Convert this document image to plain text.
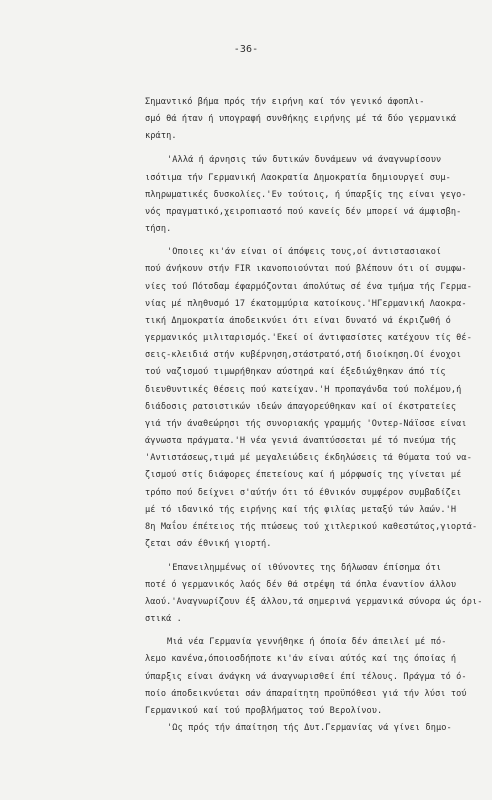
-36-
Σημαντικό βήμα πρός τήν ειρήνη καί τόν γενικό άφοπλι-
σμό θά ήταν ή υπογραφή συνθήκης ειρήνης μέ τά δύο γερμανικά
κράτη.
'Αλλά ή άρνησις τών δυτικών δυνάμεων νά άναγνωρίσουν
ισότιμα τήν Γερμανική Λαοκρατία Δημοκρατία δημιουργεί συμ-
πληρωματικές δυσκολίες.'Εν τούτοις, ή ύπαρξίς της είναι γεγο-
νός πραγματικό,χειροπιαστό πού κανείς δέν μπορεί νά άμφισβη-
τήση.
'Οποιες κι'άν είναι οί άπόψεις τους,οί άντιστασιακοί
πού άνήκουν στήν FIR ικανοποιούνται πού βλέπουν ότι οί συμφω-
νίες τού Πότσδαμ έφαρμόζονται άπολύτως σέ ένα τμήμα τής Γερμα-
νίας μέ πληθυσμό 17 έκατομμύρια κατοίκους.'ΗΓερμανική Λαοκρα-
τική Δημοκρατία άποδεικνύει ότι είναι δυνατό νά έκριζωθή ό
γερμανικός μιλιταρισμός.'Εκεί οί άντιφασίστες κατέχουν τίς θέ-
σεις-κλειδιά στήν κυβέρνηση,στάστρατό,στή διοίκηση.Οί ένοχοι
τού ναζισμού τιμωρήθηκαν αύστηρά καί έξεδιώχθηκαν άπό τίς
διευθυντικές θέσεις πού κατείχαν.'Η προπαγάνδα τού πολέμου,ή
διάδοσις ρατσιστικών ιδεών άπαγορεύθηκαν καί οί έκστρατείες
γιά τήν άναθεώρησι τής συνοριακής γραμμής 'Οντερ-Νάϊσσε είναι
άγνωστα πράγματα.'Η νέα γενιά άναπτύσσεται μέ τό πνεύμα τής
'Αντιστάσεως,τιμά μέ μεγαλειώδεις έκδηλώσεις τά θύματα τού να-
ζισμού στίς διάφορες έπετείους καί ή μόρφωσίς της γίνεται μέ
τρόπο πού δείχνει σ'αύτήν ότι τό έθνικόν συμφέρον συμβαδίζει
μέ τό ιδανικό τής ειρήνης καί τής φιλίας μεταξύ τών λαών.'Η
8η Μαΐου έπέτειος τής πτώσεως τού χιτλερικού καθεστώτος,γιορτά-
ζεται σάν έθνική γιορτή.
'Επανειλημμένως οί ιθύνοντες της δήλωσαν έπίσημα ότι
ποτέ ό γερμανικός λαός δέν θά στρέψη τά όπλα έναντίον άλλου
λαού.'Αναγνωρίζουν έξ άλλου,τά σημερινά γερμανικά σύνορα ώς όρι-
στικά .
Μιά νέα Γερμανία γεννήθηκε ή όποία δέν άπειλεί μέ πό-
λεμο κανένα,όποιοσδήποτε κι'άν είναι αύτός καί της όποίας ή
ύπαρξις είναι άνάγκη νά άναγνωρισθεί έπί τέλους. Πράγμα τό ό-
ποίο άποδεικνύεται σάν άπαραίτητη προϋπόθεσι γιά τήν λύσι τού
Γερμανικού καί τού προβλήματος τού Βερολίνου.
'Ως πρός τήν άπαίτηση τής Δυτ.Γερμανίας νά γίνει δημο-
